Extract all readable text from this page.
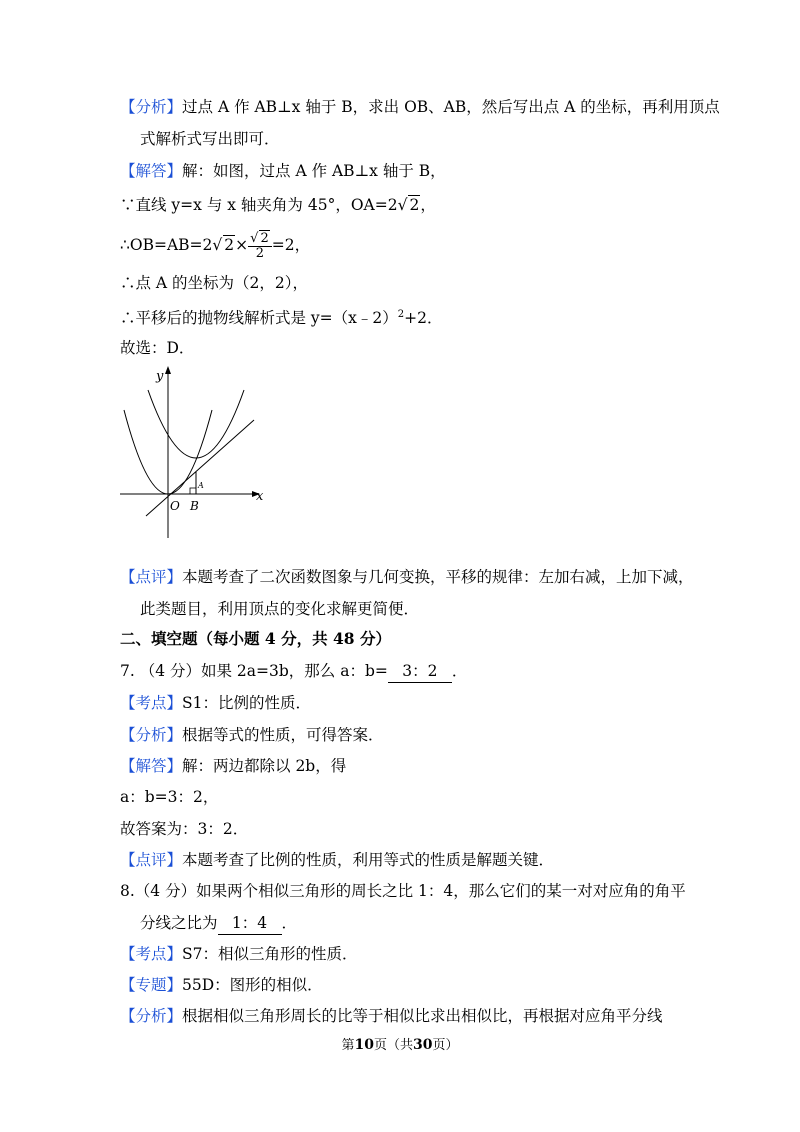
【分析】过点 A 作 AB⊥x 轴于 B，求出 OB、AB，然后写出点 A 的坐标，再利用顶点
式解析式写出即可．
【解答】解：如图，过点 A 作 AB⊥x 轴于 B，
∵直线 y=x 与 x 轴夹角为 45°，OA=2√ 2，
∴OB=AB=2√ $2\times \frac{√ 2}{2} =2$，
∴点 A 的坐标为（2，2），
∴平移后的抛物线解析式是 y=（x﹣2）$^2$+2．
故选：D．
y
x
O B
A
【点评】本题考查了二次函数图象与几何变换，平移的规律：左加右减，上加下减，
此类题目，利用顶点的变化求解更简便．
二、填空题（每小题 4 分，共 48 分）
7. （4 分）如果 2a=3b，那么 a：b= 3：2 ．
【考点】S1：比例的性质．
【分析】根据等式的性质，可得答案．
【解答】解：两边都除以 2b，得
a：b=3：2，
故答案为：3：2．
【点评】本题考查了比例的性质，利用等式的性质是解题关键．
8.（4 分）如果两个相似三角形的周长之比 1：4，那么它们的某一对对应角的角平
分线之比为 1：4 ．
【考点】S7：相似三角形的性质．
【专题】55D：图形的相似．
【分析】根据相似三角形周长的比等于相似比求出相似比，再根据对应角平分线
第10页（共30页）
